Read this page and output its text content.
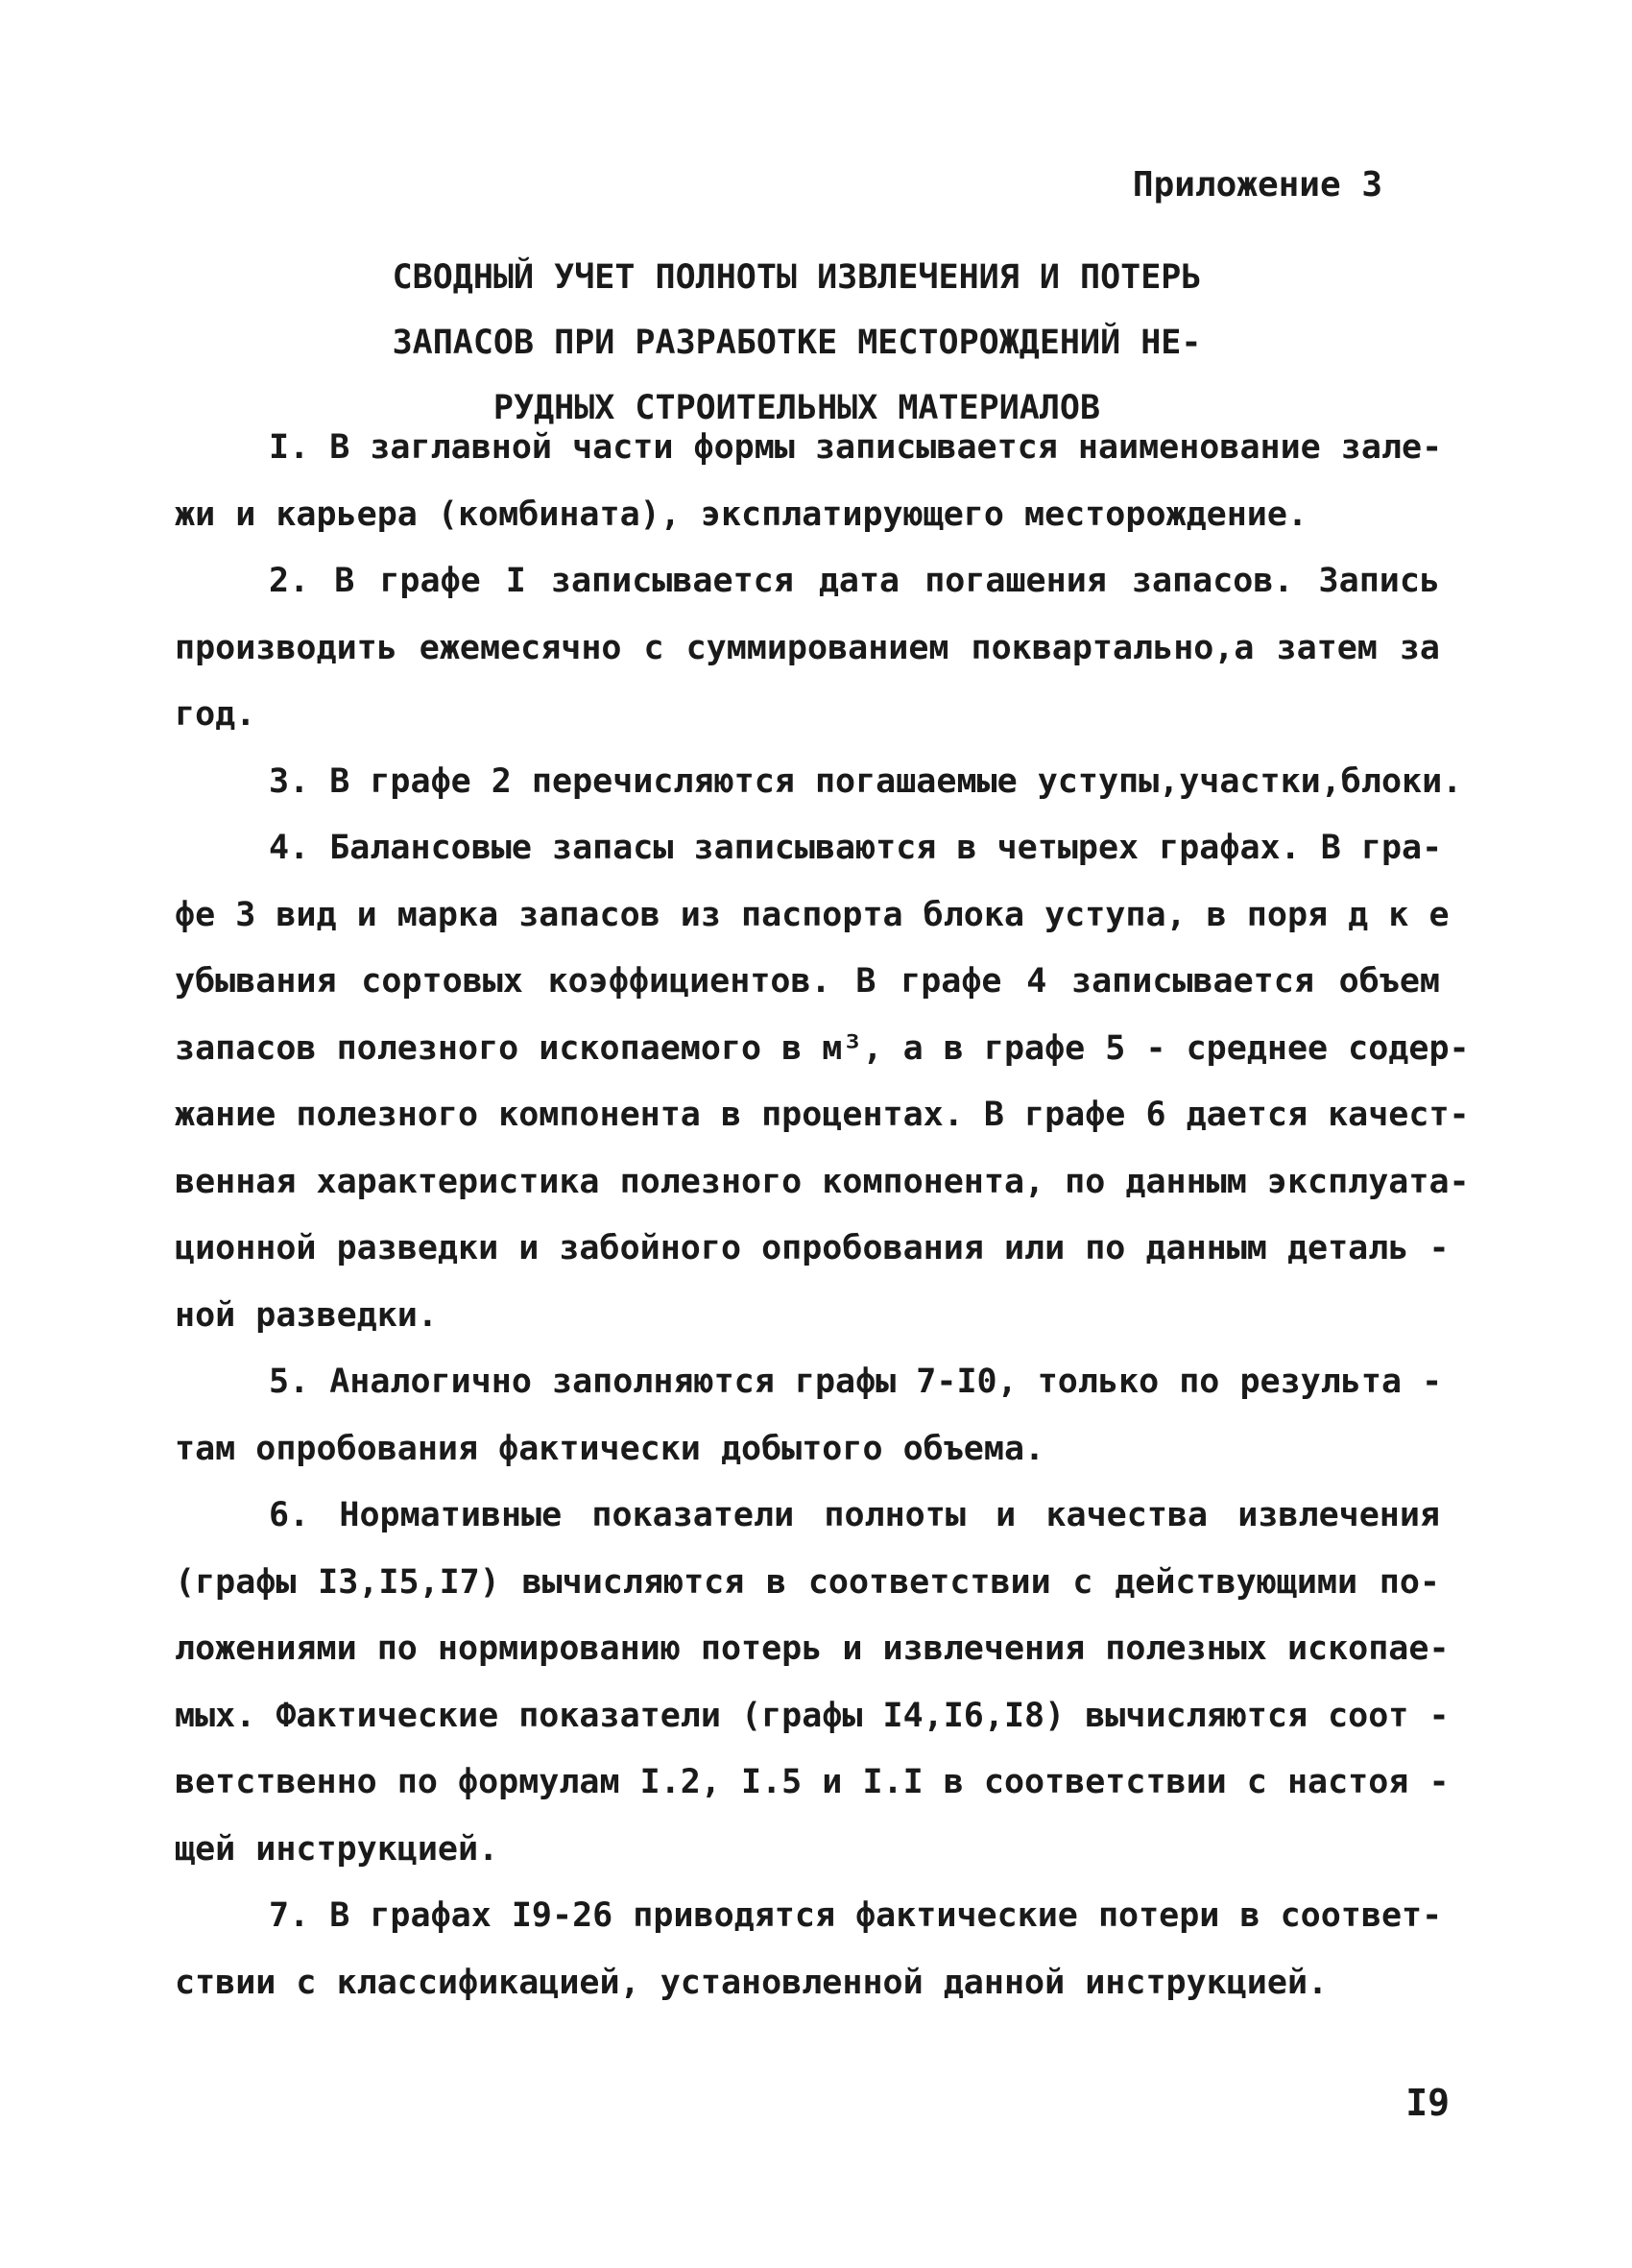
Приложение 3
СВОДНЫЙ УЧЕТ ПОЛНОТЫ ИЗВЛЕЧЕНИЯ И ПОТЕРЬ
ЗАПАСОВ ПРИ РАЗРАБОТКЕ МЕСТОРОЖДЕНИЙ НЕ-
РУДНЫХ СТРОИТЕЛЬНЫХ МАТЕРИАЛОВ
I. В заглавной части формы записывается наименование зале-
жи и карьера (комбината), эксплатирующего месторождение.
2. В графе I записывается дата погашения запасов. Запись
производить ежемесячно с суммированием поквартально,а затем за
год.
3. В графе 2 перечисляются погашаемые уступы,участки,блоки.
4. Балансовые запасы записываются в четырех графах. В гра-
фе 3 вид и марка запасов из паспорта блока уступа, в поря д к е
убывания сортовых коэффициентов. В графе 4 записывается объем
запасов полезного ископаемого в м³, а в графе 5 - среднее содер-
жание полезного компонента в процентах. В графе 6 дается качест-
венная характеристика полезного компонента, по данным эксплуата-
ционной разведки и забойного опробования или по данным деталь -
ной разведки.
5. Аналогично заполняются графы 7-I0, только по результа -
там опробования фактически добытого объема.
6. Нормативные показатели полноты и качества извлечения
(графы I3,I5,I7) вычисляются в соответствии с действующими по-
ложениями по нормированию потерь и извлечения полезных ископае-
мых. Фактические показатели (графы I4,I6,I8) вычисляются соот -
ветственно по формулам I.2, I.5 и I.I в соответствии с настоя -
щей инструкцией.
7. В графах I9-26 приводятся фактические потери в соответ-
ствии с классификацией, установленной данной инструкцией.
I9
